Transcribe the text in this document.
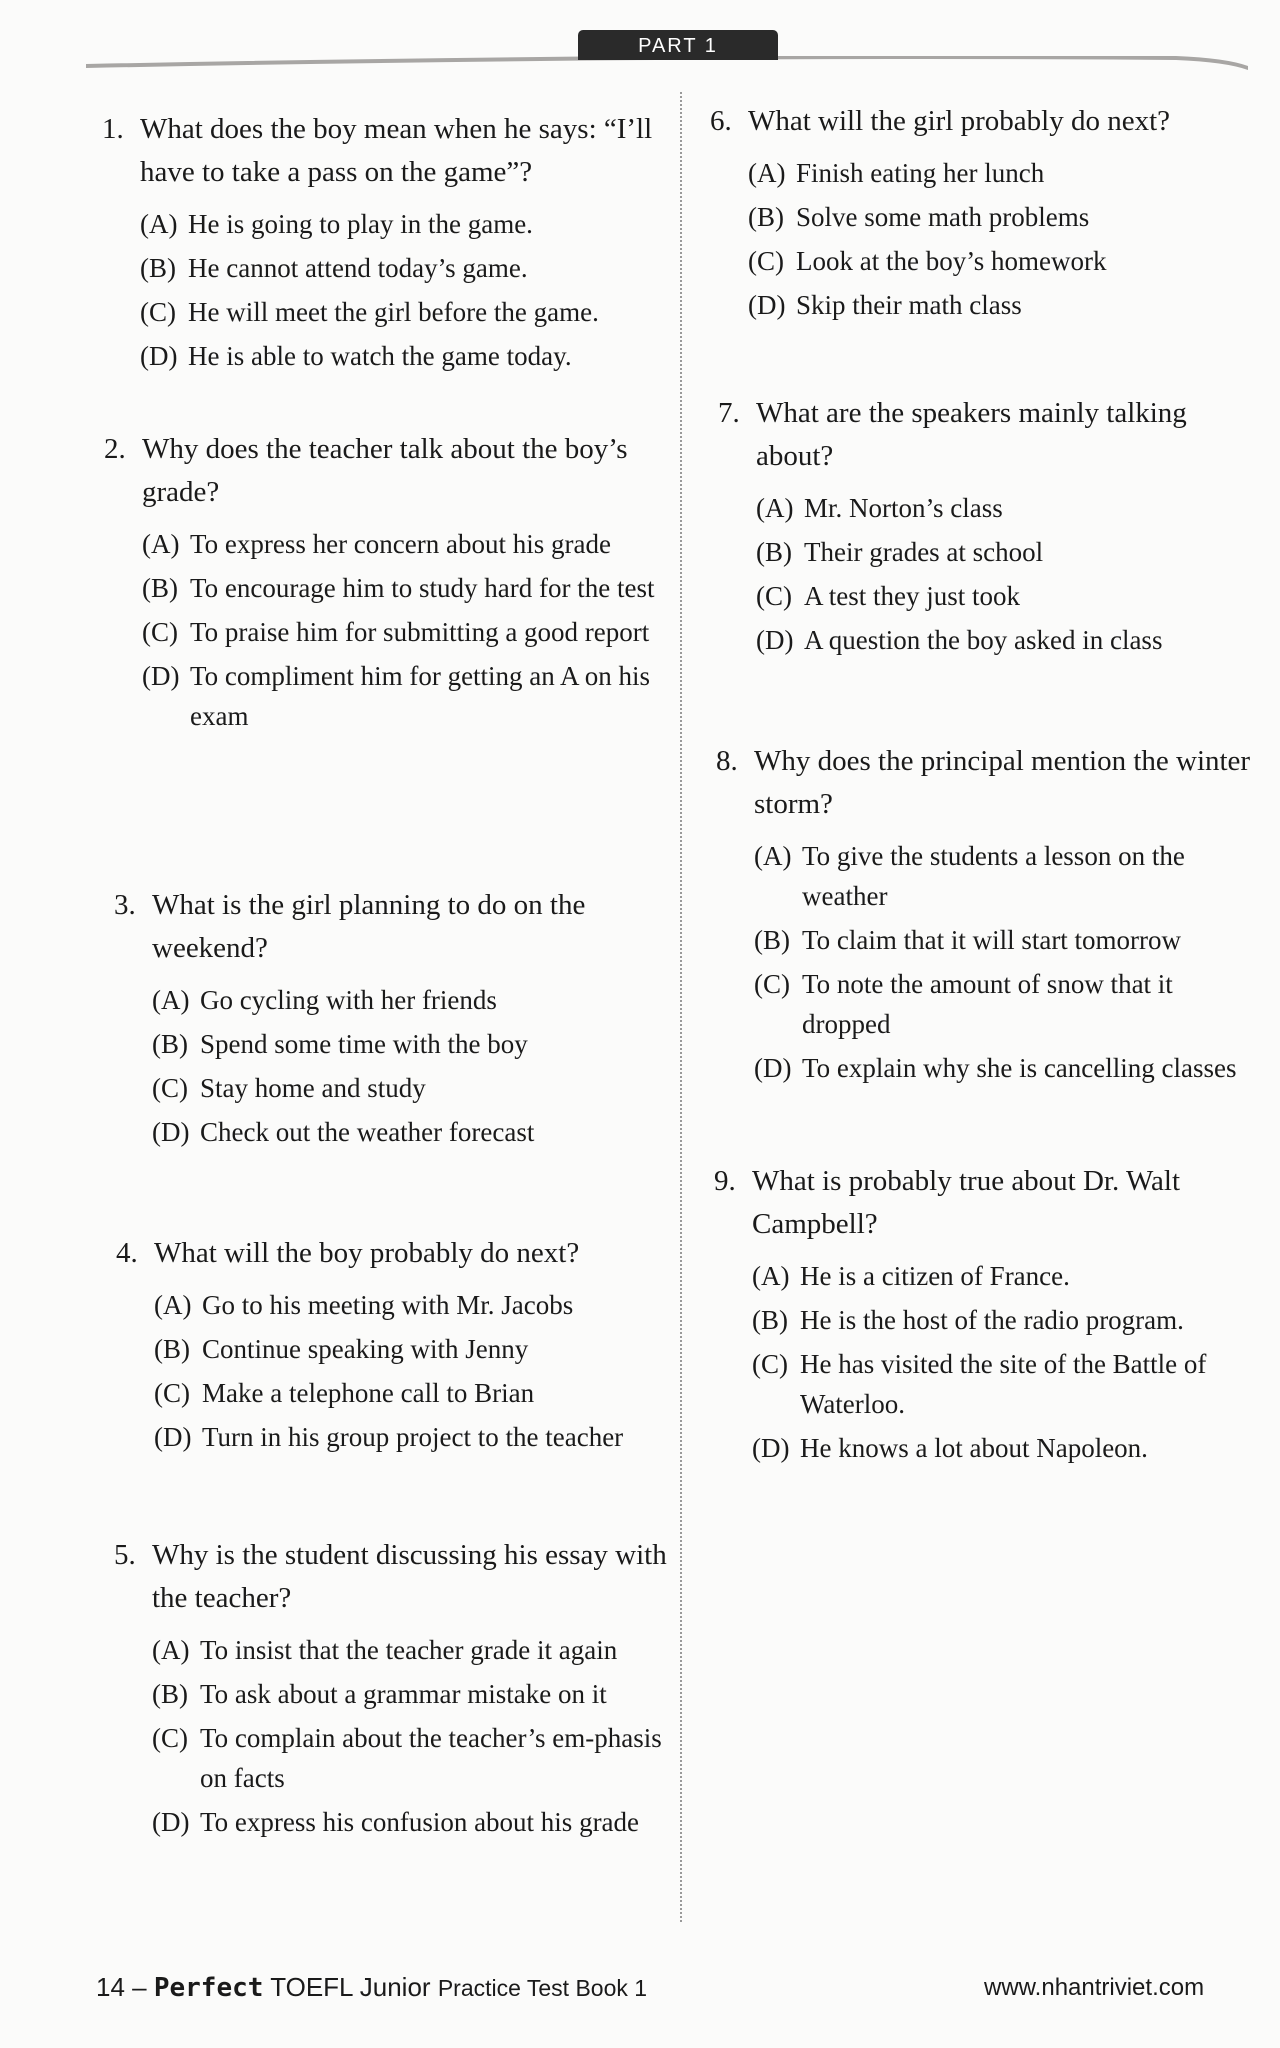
PART 1
1. What does the boy mean when he says: “I’ll have to take a pass on the game”?
(A) He is going to play in the game.
(B) He cannot attend today’s game.
(C) He will meet the girl before the game.
(D) He is able to watch the game today.
2. Why does the teacher talk about the boy’s grade?
(A) To express her concern about his grade
(B) To encourage him to study hard for the test
(C) To praise him for submitting a good report
(D) To compliment him for getting an A on his exam
3. What is the girl planning to do on the weekend?
(A) Go cycling with her friends
(B) Spend some time with the boy
(C) Stay home and study
(D) Check out the weather forecast
4. What will the boy probably do next?
(A) Go to his meeting with Mr. Jacobs
(B) Continue speaking with Jenny
(C) Make a telephone call to Brian
(D) Turn in his group project to the teacher
5. Why is the student discussing his essay with the teacher?
(A) To insist that the teacher grade it again
(B) To ask about a grammar mistake on it
(C) To complain about the teacher’s em-phasis on facts
(D) To express his confusion about his grade
6. What will the girl probably do next?
(A) Finish eating her lunch
(B) Solve some math problems
(C) Look at the boy’s homework
(D) Skip their math class
7. What are the speakers mainly talking about?
(A) Mr. Norton’s class
(B) Their grades at school
(C) A test they just took
(D) A question the boy asked in class
8. Why does the principal mention the winter storm?
(A) To give the students a lesson on the weather
(B) To claim that it will start tomorrow
(C) To note the amount of snow that it dropped
(D) To explain why she is cancelling classes
9. What is probably true about Dr. Walt Campbell?
(A) He is a citizen of France.
(B) He is the host of the radio program.
(C) He has visited the site of the Battle of Waterloo.
(D) He knows a lot about Napoleon.
14 – Perfect TOEFL Junior Practice Test Book 1	www.nhantriviet.com
